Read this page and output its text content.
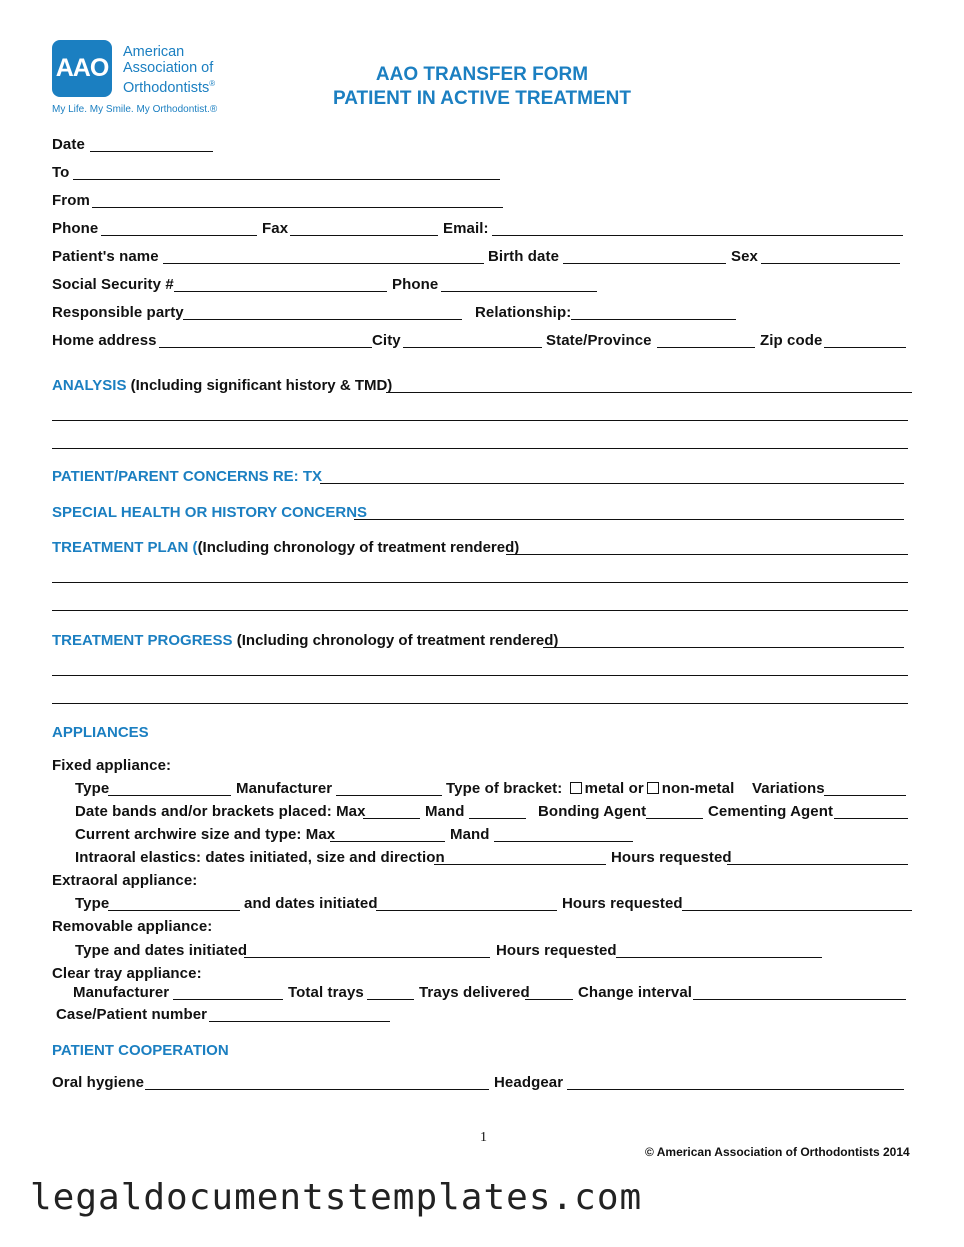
AAO
American
Association of
Orthodontists®
My Life. My Smile. My Orthodontist.®
AAO TRANSFER FORM
PATIENT IN ACTIVE TREATMENT
Date
To
From
Phone	Fax	Email:
Patient's name	Birth date	Sex
Social Security #	Phone
Responsible party	Relationship:
Home address	City	State/Province	Zip code
ANALYSIS (Including significant history & TMD)
PATIENT/PARENT CONCERNS RE: TX
SPECIAL HEALTH OR HISTORY CONCERNS
TREATMENT PLAN ((Including chronology of treatment rendered)
TREATMENT PROGRESS (Including chronology of treatment rendered)
APPLIANCES
Fixed appliance:
Type	Manufacturer	Type of bracket: metal or non-metal Variations
Date bands and/or brackets placed: Max	Mand	Bonding Agent	Cementing Agent
Current archwire size and type: Max	Mand
Intraoral elastics: dates initiated, size and direction	Hours requested
Extraoral appliance:
Type	and dates initiated	Hours requested
Removable appliance:
Type and dates initiated	Hours requested
Clear tray appliance:
Manufacturer	Total trays	Trays delivered	Change interval
Case/Patient number
PATIENT COOPERATION
Oral hygiene	Headgear
1
© American Association of Orthodontists 2014
legaldocumentstemplates.com
